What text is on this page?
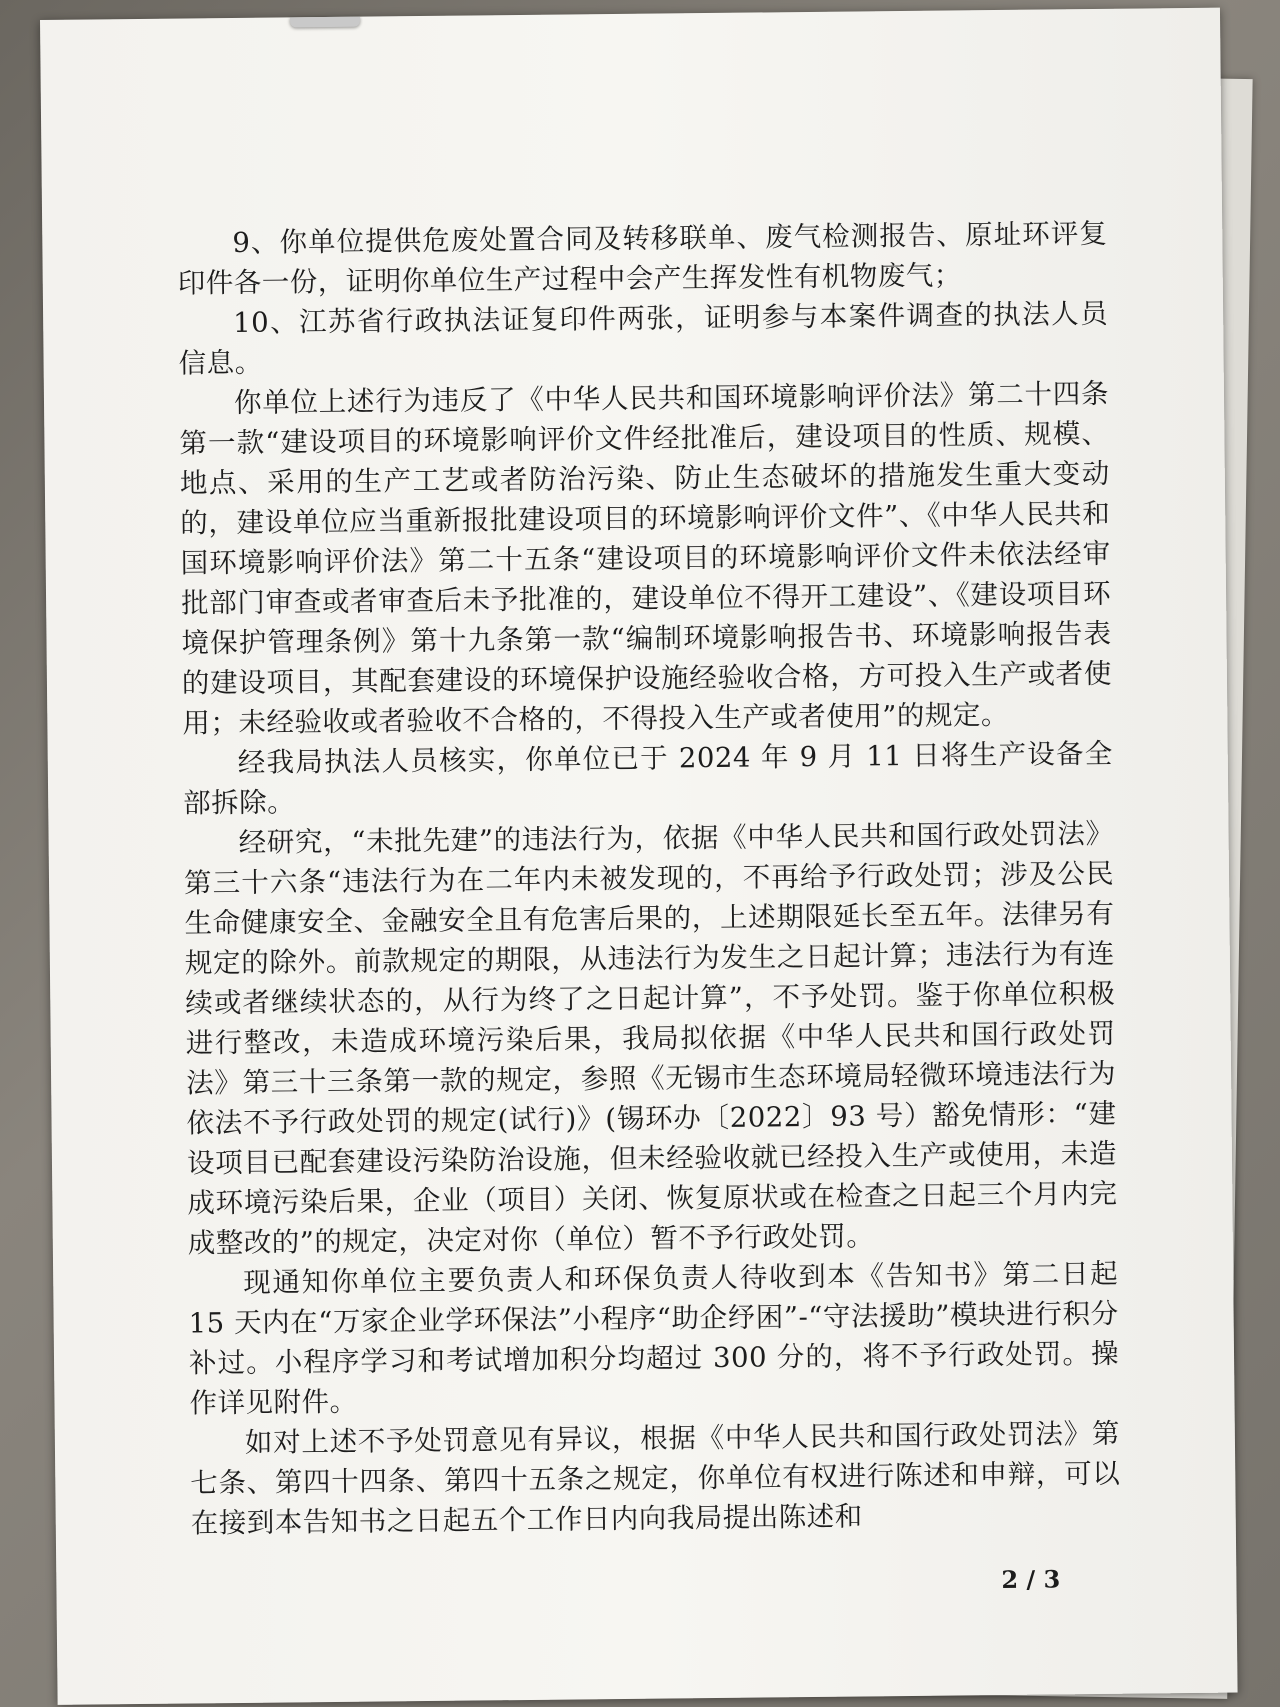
9、你单位提供危废处置合同及转移联单、废气检测报告、原址环评复印件各一份，证明你单位生产过程中会产生挥发性有机物废气；

10、江苏省行政执法证复印件两张，证明参与本案件调查的执法人员信息。

你单位上述行为违反了《中华人民共和国环境影响评价法》第二十四条第一款“建设项目的环境影响评价文件经批准后，建设项目的性质、规模、地点、采用的生产工艺或者防治污染、防止生态破坏的措施发生重大变动的，建设单位应当重新报批建设项目的环境影响评价文件”、《中华人民共和国环境影响评价法》第二十五条“建设项目的环境影响评价文件未依法经审批部门审查或者审查后未予批准的，建设单位不得开工建设”、《建设项目环境保护管理条例》第十九条第一款“编制环境影响报告书、环境影响报告表的建设项目，其配套建设的环境保护设施经验收合格，方可投入生产或者使用；未经验收或者验收不合格的，不得投入生产或者使用”的规定。

经我局执法人员核实，你单位已于 2024 年 9 月 11 日将生产设备全部拆除。

经研究，“未批先建”的违法行为，依据《中华人民共和国行政处罚法》第三十六条“违法行为在二年内未被发现的，不再给予行政处罚；涉及公民生命健康安全、金融安全且有危害后果的，上述期限延长至五年。法律另有规定的除外。前款规定的期限，从违法行为发生之日起计算；违法行为有连续或者继续状态的，从行为终了之日起计算”，不予处罚。鉴于你单位积极进行整改，未造成环境污染后果，我局拟依据《中华人民共和国行政处罚法》第三十三条第一款的规定，参照《无锡市生态环境局轻微环境违法行为依法不予行政处罚的规定(试行)》(锡环办〔2022〕93 号）豁免情形：“建设项目已配套建设污染防治设施，但未经验收就已经投入生产或使用，未造成环境污染后果，企业（项目）关闭、恢复原状或在检查之日起三个月内完成整改的”的规定，决定对你（单位）暂不予行政处罚。

现通知你单位主要负责人和环保负责人待收到本《告知书》第二日起 15 天内在“万家企业学环保法”小程序“助企纾困”-“守法援助”模块进行积分补过。小程序学习和考试增加积分均超过 300 分的，将不予行政处罚。操作详见附件。

如对上述不予处罚意见有异议，根据《中华人民共和国行政处罚法》第七条、第四十四条、第四十五条之规定，你单位有权进行陈述和申辩，可以在接到本告知书之日起五个工作日内向我局提出陈述和

2 / 3
